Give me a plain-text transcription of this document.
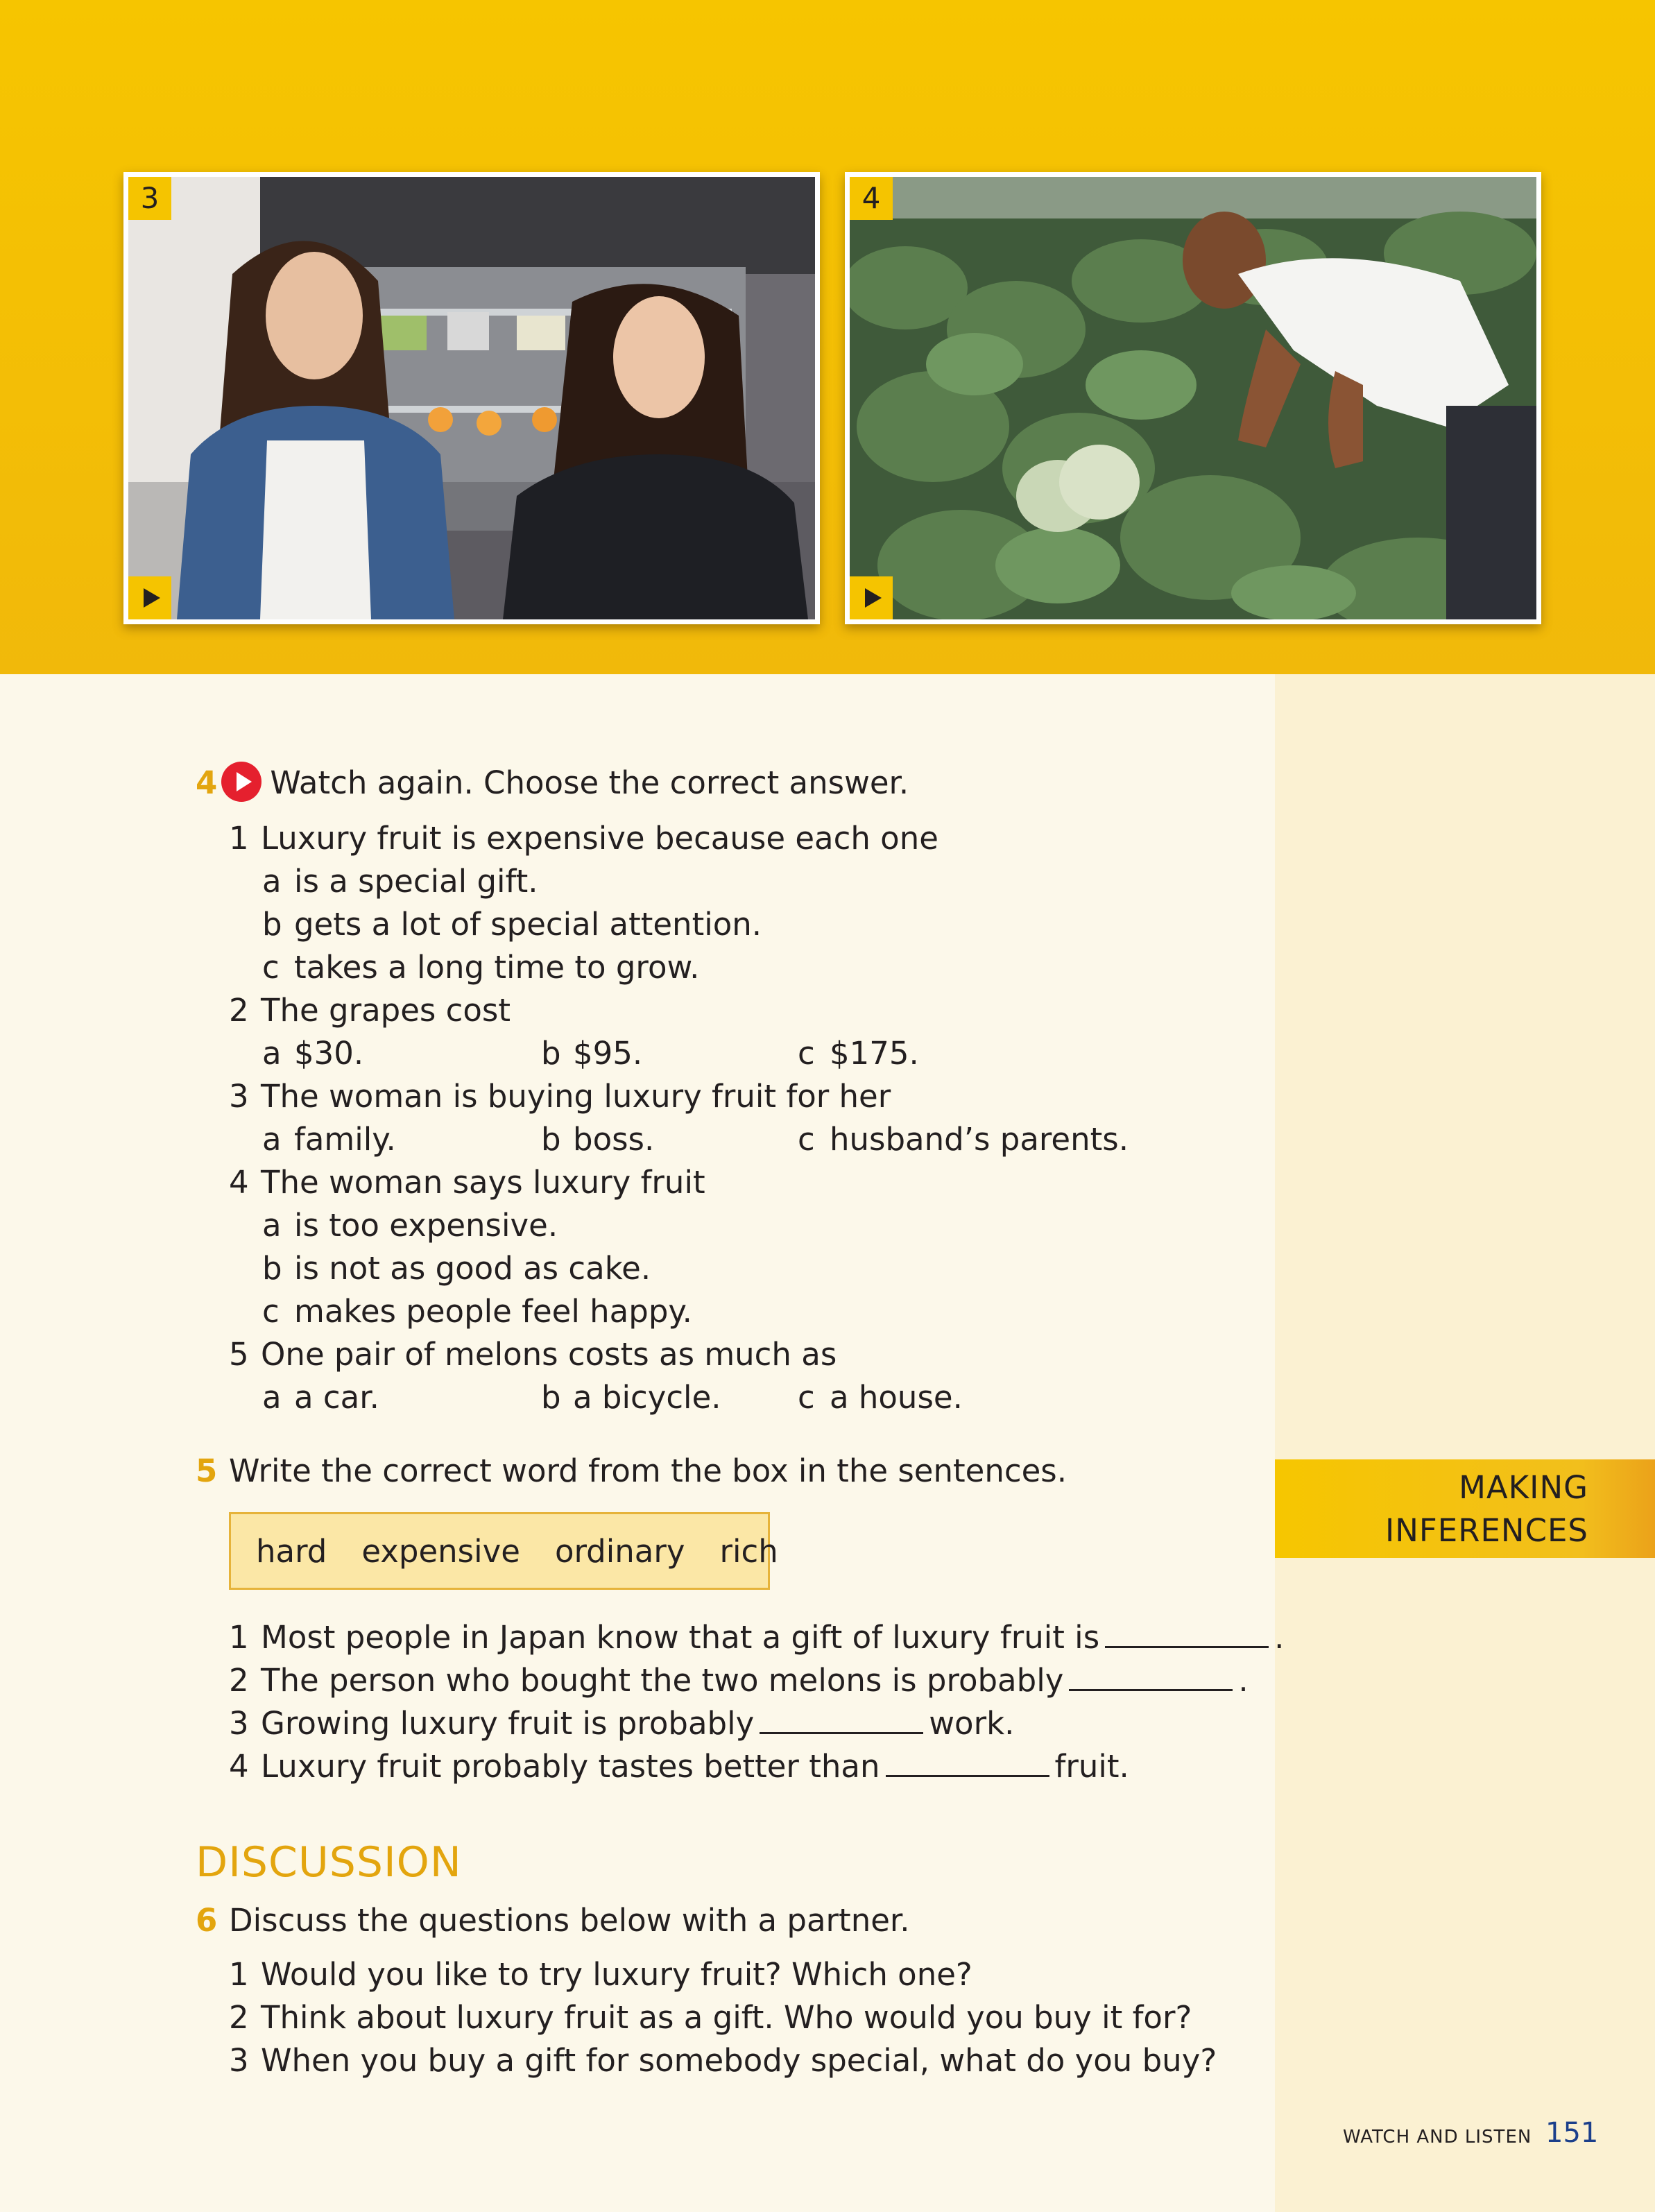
3	4
4 Watch again. Choose the correct answer.
1 Luxury fruit is expensive because each one
a is a special gift.
b gets a lot of special attention.
c takes a long time to grow.
2 The grapes cost
a $30.	b $95.	c $175.
3 The woman is buying luxury fruit for her
a family.	b boss.	c husband’s parents.
4 The woman says luxury fruit
a is too expensive.
b is not as good as cake.
c makes people feel happy.
5 One pair of melons costs as much as
a a car.	b a bicycle. c a house.
5 Write the correct word from the box in the sentences.
hard expensive ordinary rich
1 Most people in Japan know that a gift of luxury fruit is	.
2 The person who bought the two melons is probably	.
3 Growing luxury fruit is probably	work.
4 Luxury fruit probably tastes better than	fruit.
DISCUSSION
6 Discuss the questions below with a partner.
1 Would you like to try luxury fruit? Which one?
2 Think about luxury fruit as a gift. Who would you buy it for?
3 When you buy a gift for somebody special, what do you buy?
MAKING
INFERENCES
WATCH AND LISTEN 151
